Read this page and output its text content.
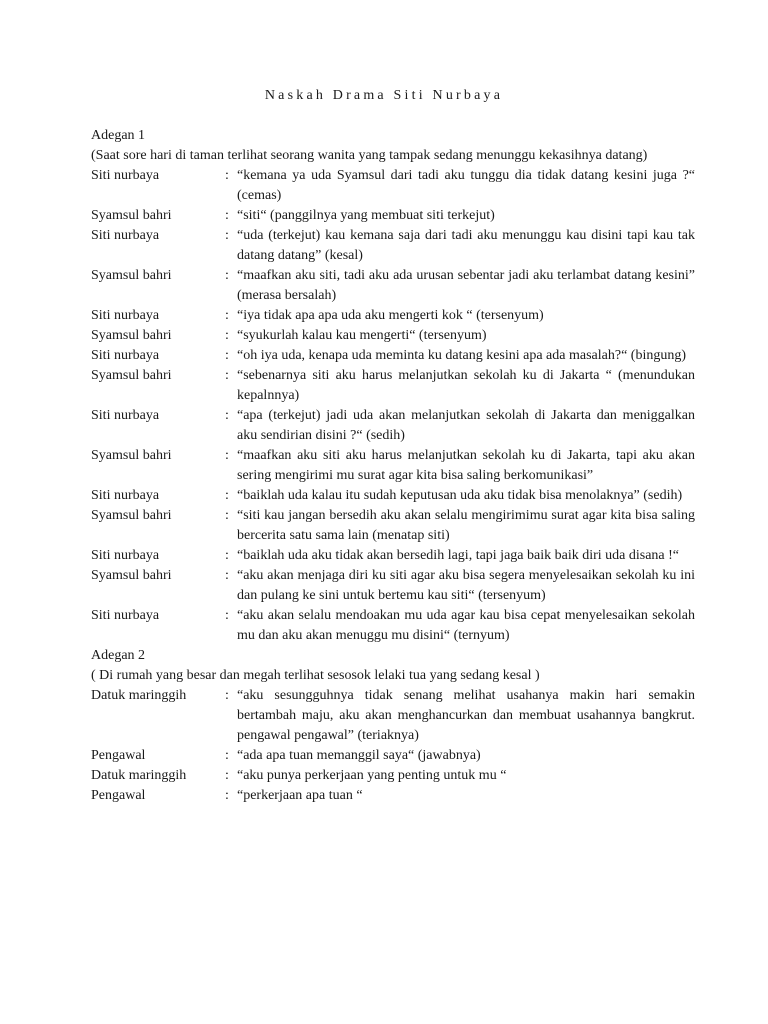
Naskah Drama Siti Nurbaya

Adegan 1

(Saat sore hari di taman terlihat seorang wanita yang tampak sedang menunggu kekasihnya datang)

Siti nurbaya	: “kemana ya uda Syamsul dari tadi aku tunggu dia tidak datang kesini juga ?“ (cemas)
Syamsul bahri	: “siti“ (panggilnya yang membuat siti terkejut)
Siti nurbaya	: “uda (terkejut) kau kemana saja dari tadi aku menunggu kau disini tapi kau tak datang datang” (kesal)
Syamsul bahri	: “maafkan aku siti, tadi aku ada urusan sebentar jadi aku terlambat datang kesini” (merasa bersalah)
Siti nurbaya	: “iya tidak apa apa uda aku mengerti kok “ (tersenyum)
Syamsul bahri	: “syukurlah kalau kau mengerti“ (tersenyum)
Siti nurbaya	: “oh iya uda, kenapa uda meminta ku datang kesini apa ada masalah?“ (bingung)
Syamsul bahri	: “sebenarnya siti aku harus melanjutkan sekolah ku di Jakarta “ (menundukan kepalnnya)
Siti nurbaya	: “apa (terkejut) jadi uda akan melanjutkan sekolah di Jakarta dan meniggalkan aku sendirian disini ?“ (sedih)
Syamsul bahri	: “maafkan aku siti aku harus melanjutkan sekolah ku di Jakarta, tapi aku akan sering mengirimi mu surat agar kita bisa saling berkomunikasi”
Siti nurbaya	: “baiklah uda kalau itu sudah keputusan uda aku tidak bisa menolaknya” (sedih)
Syamsul bahri	: “siti kau jangan bersedih aku akan selalu mengirimimu surat agar kita bisa saling bercerita satu sama lain (menatap siti)
Siti nurbaya	: “baiklah uda aku tidak akan bersedih lagi, tapi jaga baik baik diri uda disana !“
Syamsul bahri	: “aku akan menjaga diri ku siti agar aku bisa segera menyelesaikan sekolah ku ini dan pulang ke sini untuk bertemu kau siti“ (tersenyum)
Siti nurbaya	: “aku akan selalu mendoakan mu uda agar kau bisa cepat menyelesaikan sekolah mu dan aku akan menuggu mu disini“ (ternyum)

Adegan 2

( Di rumah yang besar dan megah terlihat sesosok lelaki tua yang sedang kesal )

Datuk maringgih	: “aku sesungguhnya tidak senang melihat usahanya makin hari semakin bertambah maju, aku akan menghancurkan dan membuat usahannya bangkrut. pengawal pengawal” (teriaknya)
Pengawal	: “ada apa tuan memanggil saya“ (jawabnya)
Datuk maringgih	: “aku punya perkerjaan yang penting untuk mu “
Pengawal	: “perkerjaan apa tuan “
